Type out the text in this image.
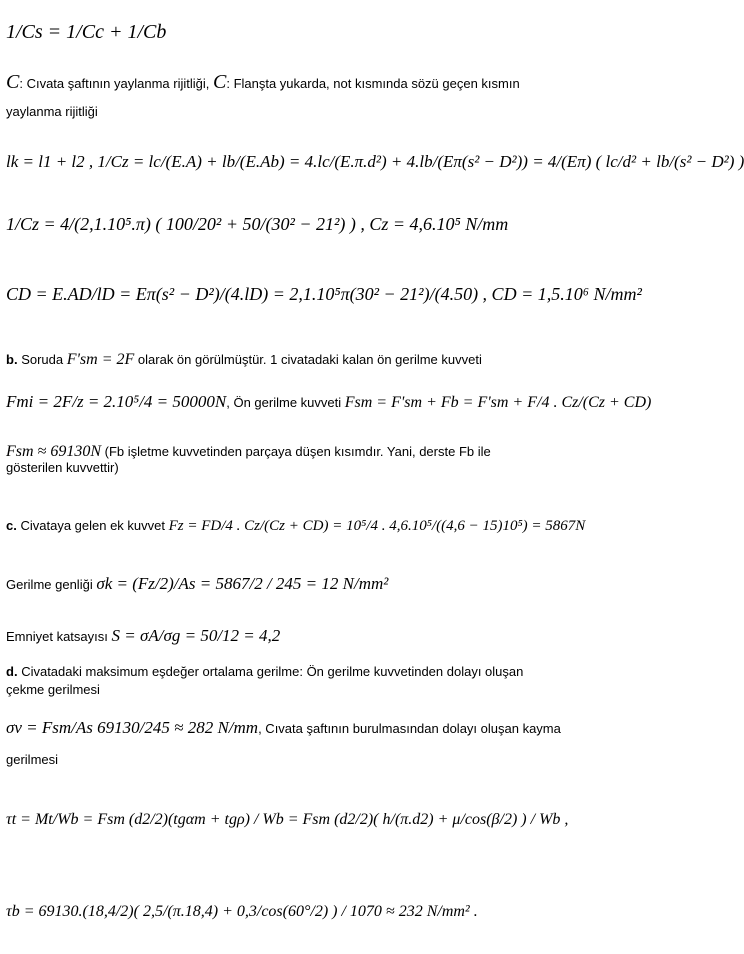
1/Cs = 1/Cc + 1/Cb
C: Cıvata şaftının yaylanma rijitliği, C: Flanşta yukarda, not kısmında sözü geçen kısmın
yaylanma rijitliği
lk = l1 + l2 , 1/Cz = lc/(E.A) + lb/(E.Ab) = 4.lc/(E.π.d²) + 4.lb/(Eπ(s² − D²)) = 4/(Eπ) ( lc/d² + lb/(s² − D²) )
1/Cz = 4/(2,1.10⁵.π) ( 100/20² + 50/(30² − 21²) ) , Cz = 4,6.10⁵ N/mm
CD = E.AD/lD = Eπ(s² − D²)/(4.lD) = 2,1.10⁵π(30² − 21²)/(4.50) , CD = 1,5.10⁶ N/mm²
b. Soruda F'sm = 2F olarak ön görülmüştür. 1 civatadaki kalan ön gerilme kuvveti
Fmi = 2F/z = 2.10⁵/4 = 50000N, Ön gerilme kuvveti Fsm = F'sm + Fb = F'sm + F/4 . Cz/(Cz + CD)
Fsm ≈ 69130N (Fb işletme kuvvetinden parçaya düşen kısımdır. Yani, derste Fb ile
gösterilen kuvvettir)
c. Civataya gelen ek kuvvet Fz = FD/4 . Cz/(Cz + CD) = 10⁵/4 . 4,6.10⁵/((4,6 − 15)10⁵) = 5867N
Gerilme genliği σk = (Fz/2)/As = 5867/2 / 245 = 12 N/mm²
Emniyet katsayısı S = σA/σg = 50/12 = 4,2
d. Civatadaki maksimum eşdeğer ortalama gerilme: Ön gerilme kuvvetinden dolayı oluşan
çekme gerilmesi
σv = Fsm/As 69130/245 ≈ 282 N/mm, Cıvata şaftının burulmasından dolayı oluşan kayma
gerilmesi
τt = Mt/Wb = Fsm (d2/2)(tgαm + tgρ) / Wb = Fsm (d2/2)( h/(π.d2) + μ/cos(β/2) ) / Wb ,
τb = 69130.(18,4/2)( 2,5/(π.18,4) + 0,3/cos(60°/2) ) / 1070 ≈ 232 N/mm² .
